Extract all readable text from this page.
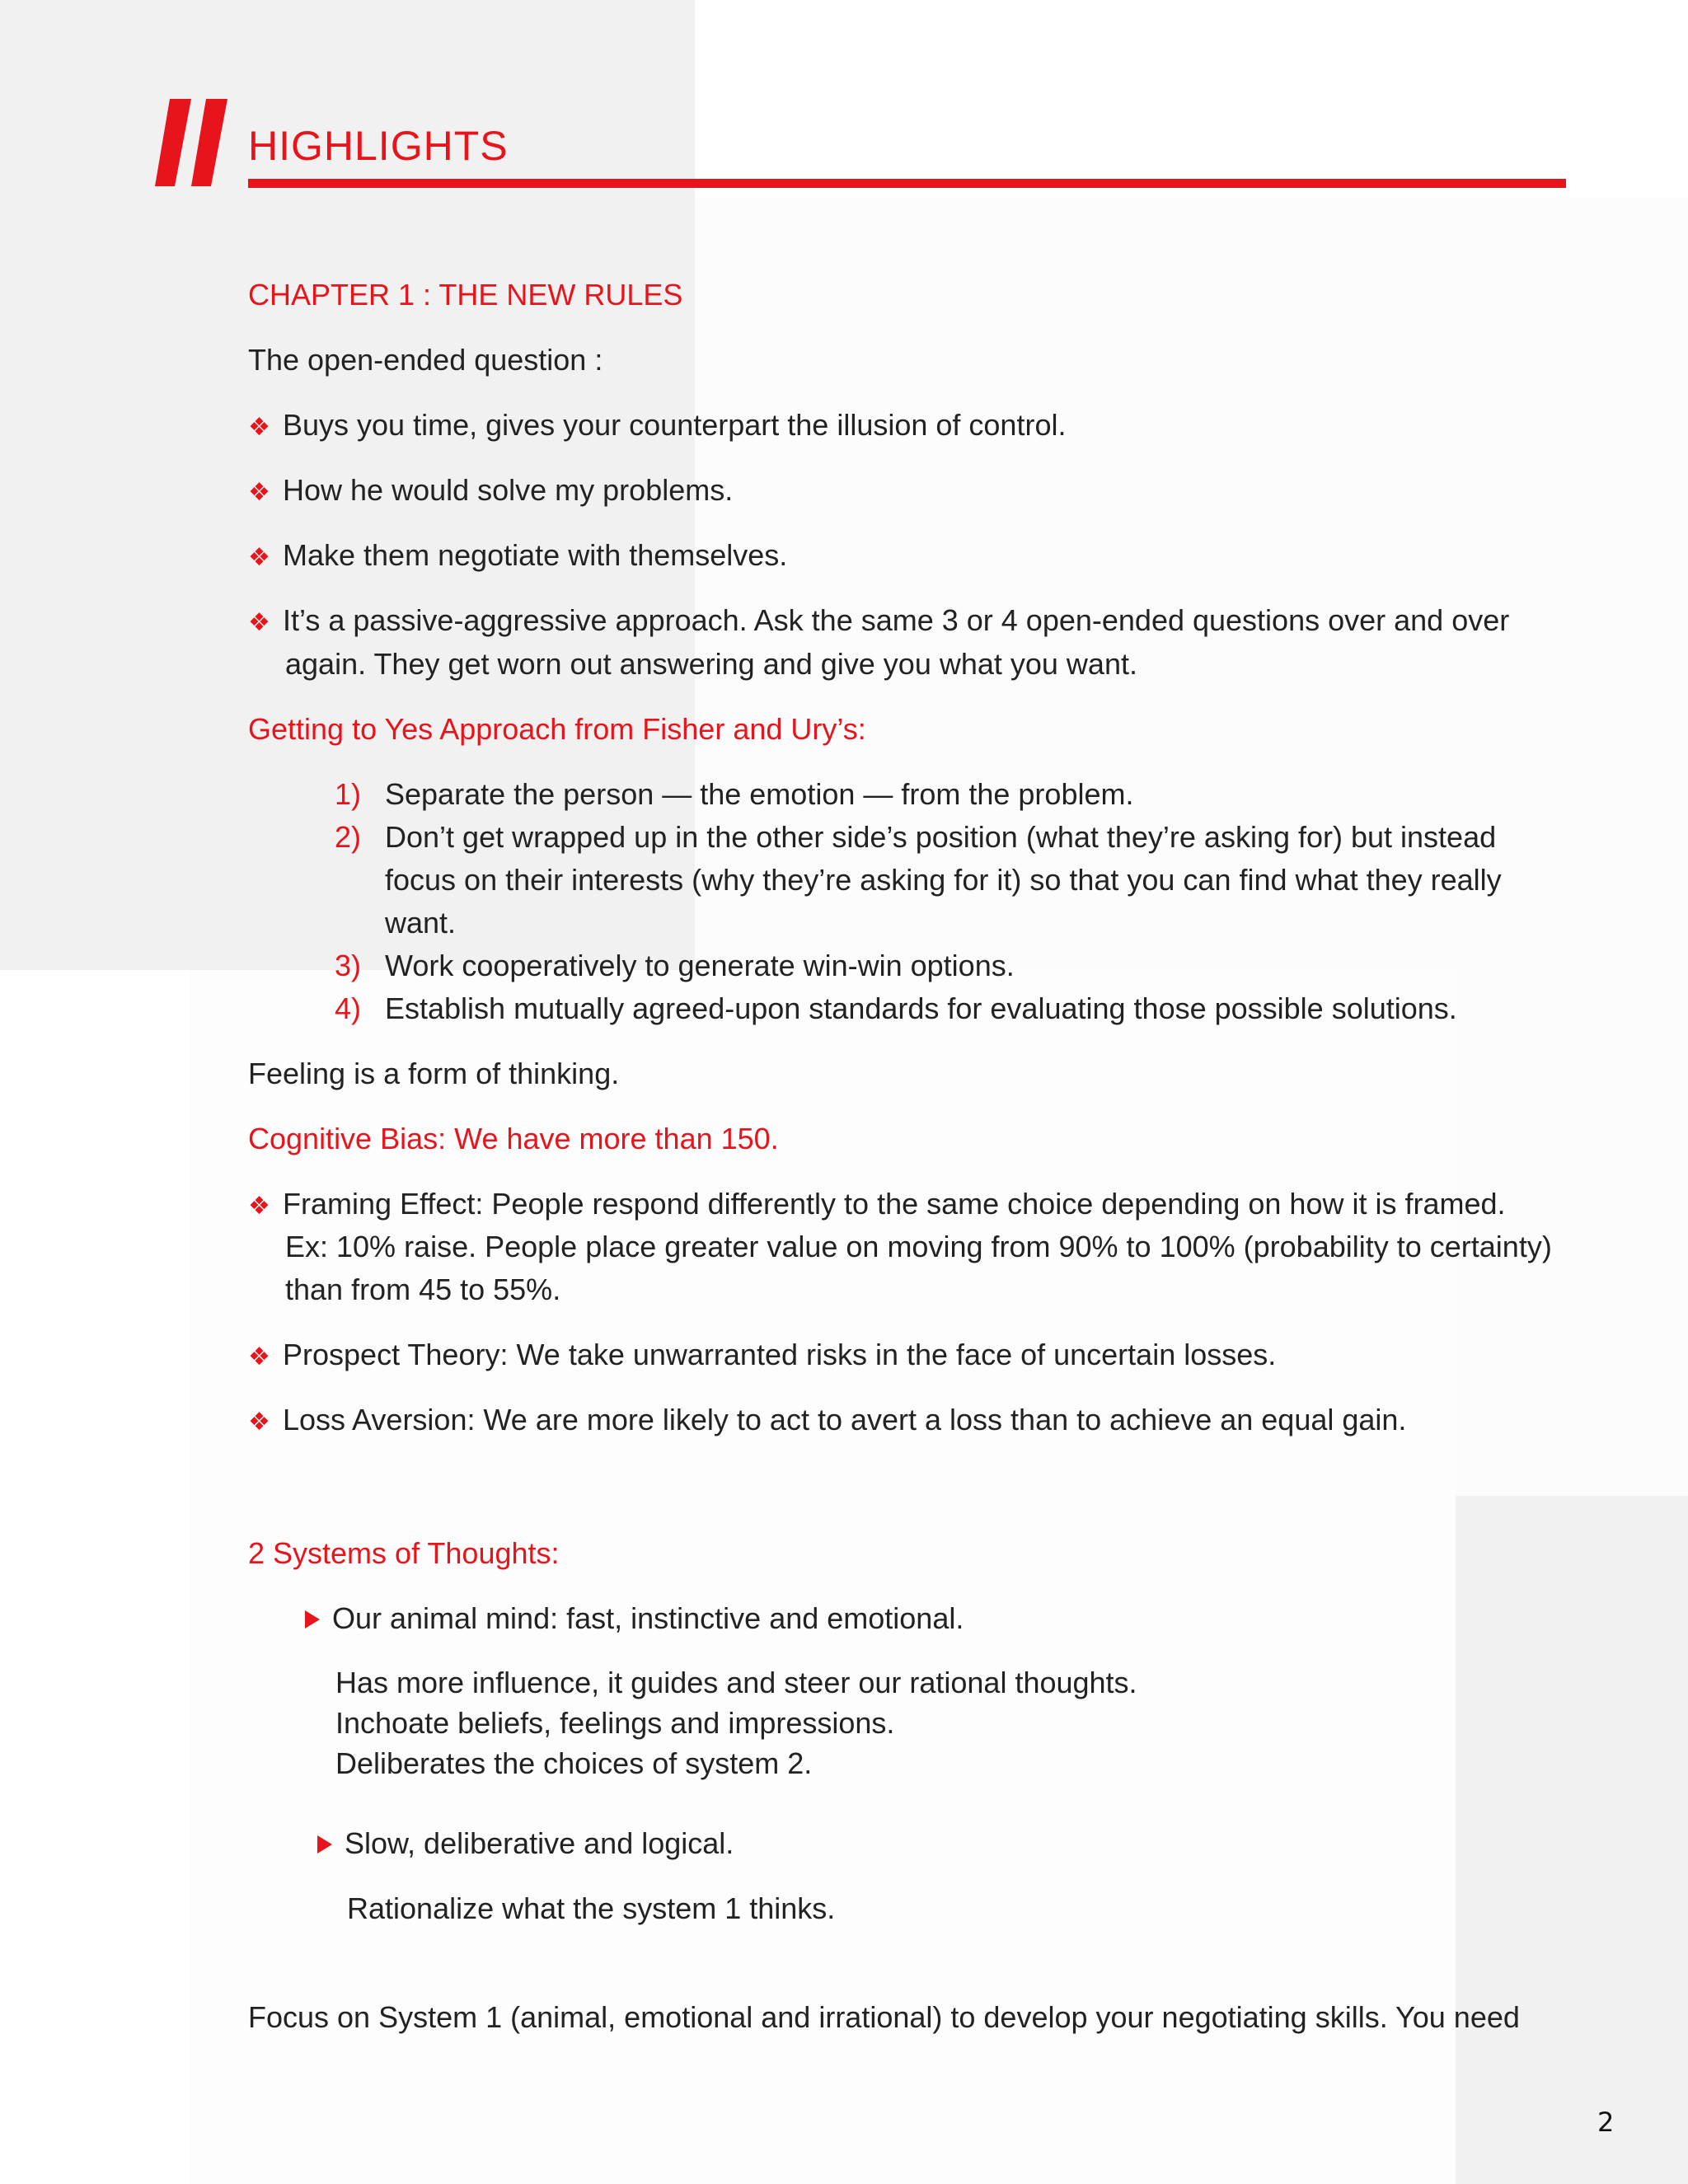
HIGHLIGHTS
CHAPTER 1 : THE NEW RULES
The open-ended question :
❖ Buys you time, gives your counterpart the illusion of control.
❖ How he would solve my problems.
❖ Make them negotiate with themselves.
❖ It’s a passive-aggressive approach. Ask the same 3 or 4 open-ended questions over and over
again. They get worn out answering and give you what you want.
Getting to Yes Approach from Fisher and Ury’s:
1) Separate the person — the emotion — from the problem.
2) Don’t get wrapped up in the other side’s position (what they’re asking for) but instead
focus on their interests (why they’re asking for it) so that you can find what they really
want.
3) Work cooperatively to generate win-win options.
4) Establish mutually agreed-upon standards for evaluating those possible solutions.
Feeling is a form of thinking.
Cognitive Bias: We have more than 150.
❖ Framing Effect: People respond differently to the same choice depending on how it is framed.
Ex: 10% raise. People place greater value on moving from 90% to 100% (probability to certainty)
than from 45 to 55%.
❖ Prospect Theory: We take unwarranted risks in the face of uncertain losses.
❖ Loss Aversion: We are more likely to act to avert a loss than to achieve an equal gain.
2 Systems of Thoughts:
Our animal mind: fast, instinctive and emotional.
Has more influence, it guides and steer our rational thoughts.
Inchoate beliefs, feelings and impressions.
Deliberates the choices of system 2.
Slow, deliberative and logical.
Rationalize what the system 1 thinks.
Focus on System 1 (animal, emotional and irrational) to develop your negotiating skills. You need
2
